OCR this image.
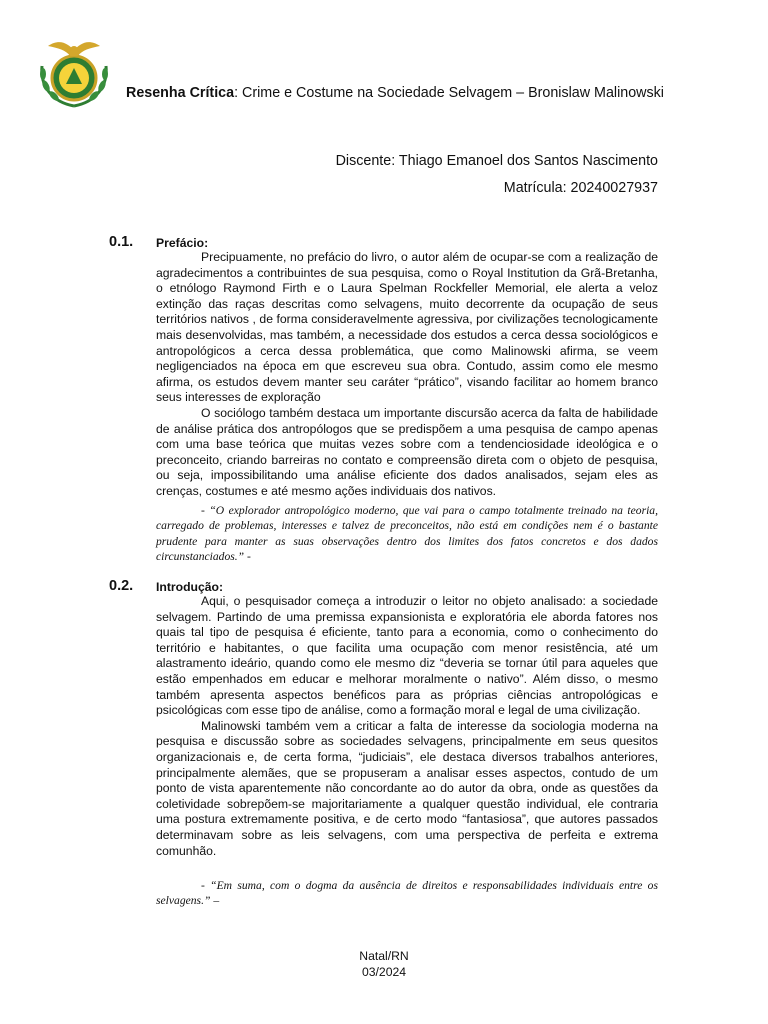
Resenha Crítica: Crime e Costume na Sociedade Selvagem – Bronislaw Malinowski
Discente: Thiago Emanoel dos Santos Nascimento
Matrícula: 20240027937
0.1. Prefácio:

Precipuamente, no prefácio do livro, o autor além de ocupar-se com a realização de agradecimentos a contribuintes de sua pesquisa, como o Royal Institution da Grã-Bretanha, o etnólogo Raymond Firth e o Laura Spelman Rockfeller Memorial, ele alerta a veloz extinção das raças descritas como selvagens, muito decorrente da ocupação de seus territórios nativos , de forma consideravelmente agressiva, por civilizações tecnologicamente mais desenvolvidas, mas também, a necessidade dos estudos a cerca dessa sociológicos e antropológicos a cerca dessa problemática, que como Malinowski afirma, se veem negligenciados na época em que escreveu sua obra. Contudo, assim como ele mesmo afirma, os estudos devem manter seu caráter “prático”, visando facilitar ao homem branco seus interesses de exploração

O sociólogo também destaca um importante discursão acerca da falta de habilidade de análise prática dos antropólogos que se predispõem a uma pesquisa de campo apenas com uma base teórica que muitas vezes sobre com a tendenciosidade ideológica e o preconceito, criando barreiras no contato e compreensão direta com o objeto de pesquisa, ou seja, impossibilitando uma análise eficiente dos dados analisados, sejam eles as crenças, costumes e até mesmo ações individuais dos nativos.

- “O explorador antropológico moderno, que vai para o campo totalmente treinado na teoria, carregado de problemas, interesses e talvez de preconceitos, não está em condições nem é o bastante prudente para manter as suas observações dentro dos limites dos fatos concretos e dos dados circunstanciados.” -

0.2. Introdução:

Aqui, o pesquisador começa a introduzir o leitor no objeto analisado: a sociedade selvagem. Partindo de uma premissa expansionista e exploratória ele aborda fatores nos quais tal tipo de pesquisa é eficiente, tanto para a economia, como o conhecimento do território e habitantes, o que facilita uma ocupação com menor resistência, até um alastramento ideário, quando como ele mesmo diz “deveria se tornar útil para aqueles que estão empenhados em educar e melhorar moralmente o nativo”. Além disso, o mesmo também apresenta aspectos benéficos para as próprias ciências antropológicas e psicológicas com esse tipo de análise, como a formação moral e legal de uma civilização.

Malinowski também vem a criticar a falta de interesse da sociologia moderna na pesquisa e discussão sobre as sociedades selvagens, principalmente em seus quesitos organizacionais e, de certa forma, “judiciais”, ele destaca diversos trabalhos anteriores, principalmente alemães, que se propuseram a analisar esses aspectos, contudo de um ponto de vista aparentemente não concordante ao do autor da obra, onde as questões da coletividade sobrepõem-se majoritariamente a qualquer questão individual, ele contraria uma postura extremamente positiva, e de certo modo “fantasiosa”, que autores passados determinavam sobre as leis selvagens, com uma perspectiva de perfeita e extrema comunhão.

- “Em suma, com o dogma da ausência de direitos e responsabilidades individuais entre os selvagens.” –

Natal/RN
03/2024
